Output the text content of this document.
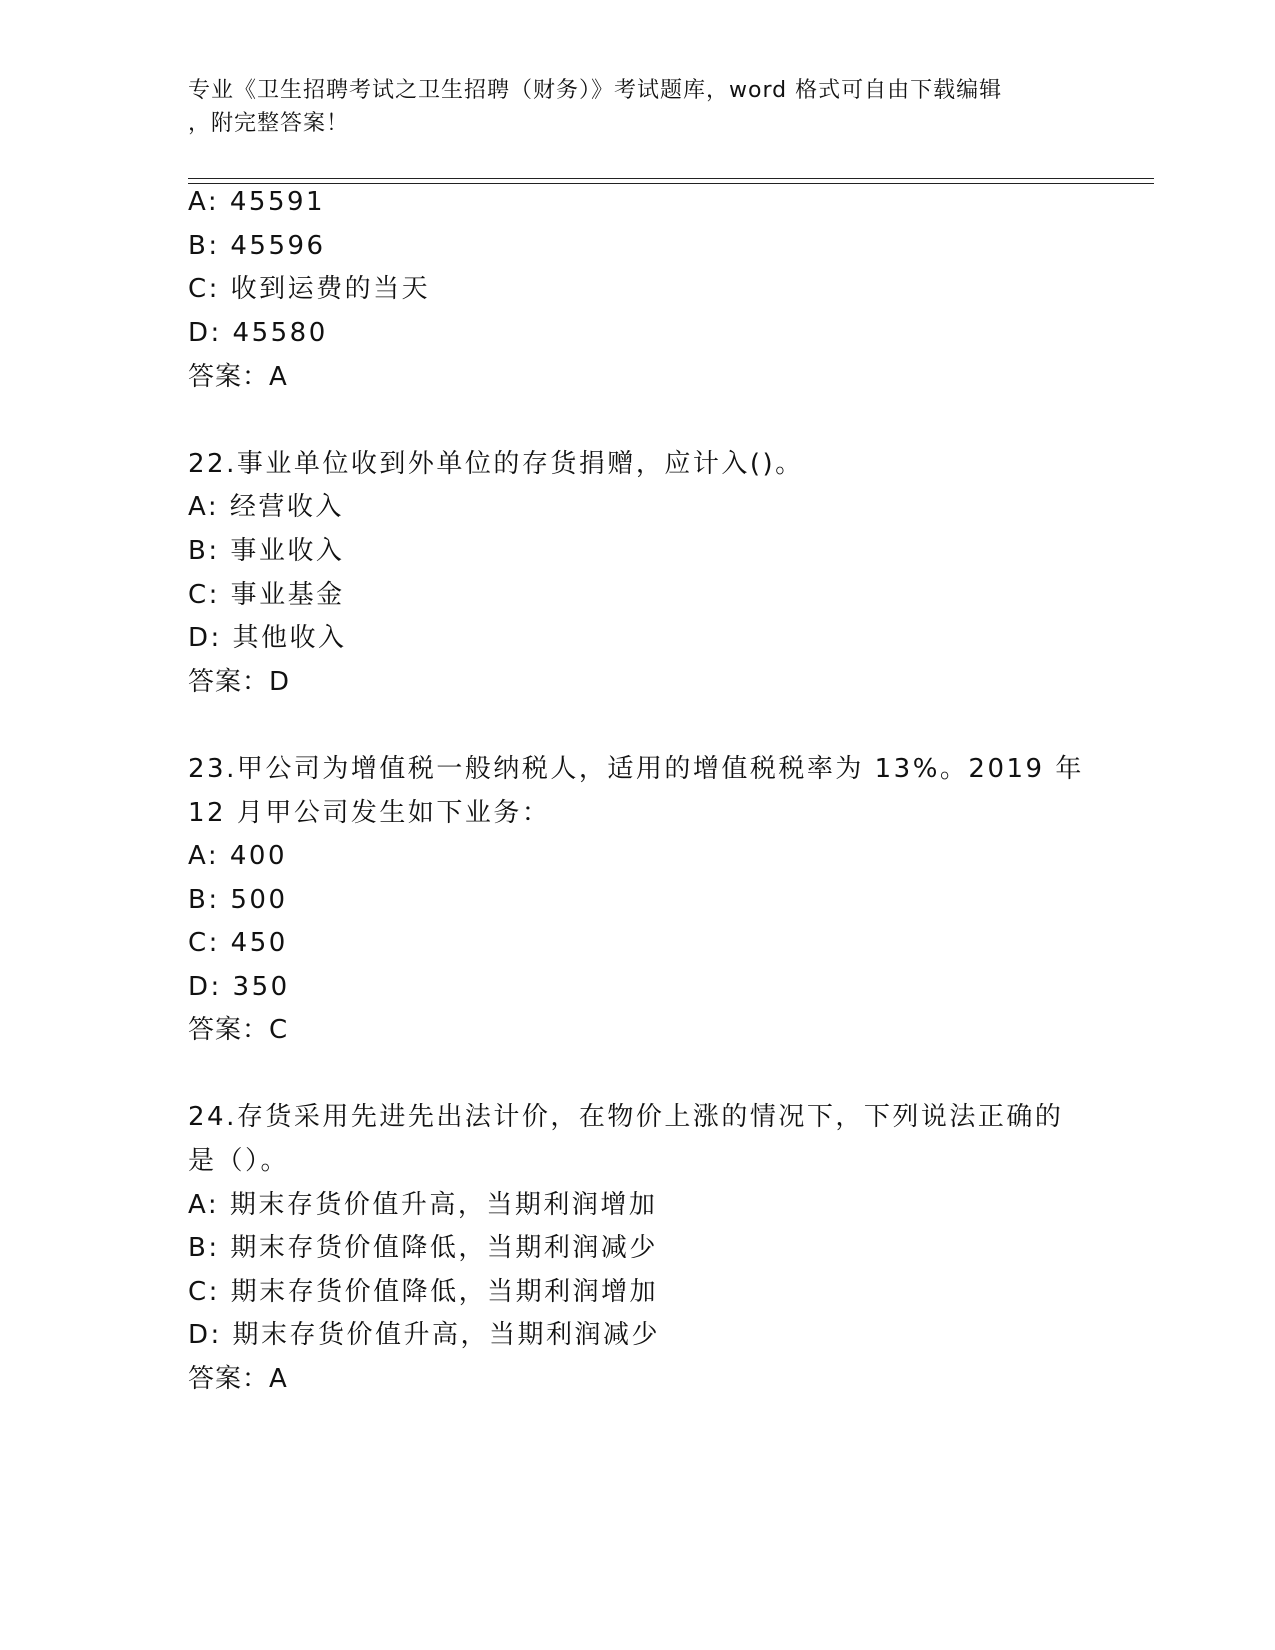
专业《卫生招聘考试之卫生招聘（财务）》考试题库，word 格式可自由下载编辑
，附完整答案！
A: 45591
B: 45596
C: 收到运费的当天
D: 45580
答案：A
22.事业单位收到外单位的存货捐赠，应计入()。
A: 经营收入
B: 事业收入
C: 事业基金
D: 其他收入
答案：D
23.甲公司为增值税一般纳税人，适用的增值税税率为 13%。2019 年
12 月甲公司发生如下业务：
A: 400
B: 500
C: 450
D: 350
答案：C
24.存货采用先进先出法计价，在物价上涨的情况下，下列说法正确的
是（）。
A: 期末存货价值升高，当期利润增加
B: 期末存货价值降低，当期利润减少
C: 期末存货价值降低，当期利润增加
D: 期末存货价值升高，当期利润减少
答案：A
